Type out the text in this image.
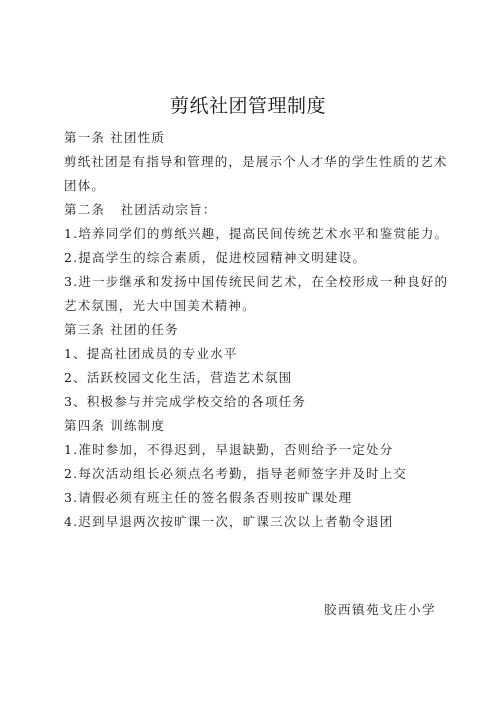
剪纸社团管理制度
第一条 社团性质
剪纸社团是有指导和管理的，是展示个人才华的学生性质的艺术
团体。
第二条   社团活动宗旨：
1.培养同学们的剪纸兴趣，提高民间传统艺术水平和鉴赏能力。
2.提高学生的综合素质，促进校园精神文明建设。
3.进一步继承和发扬中国传统民间艺术，在全校形成一种良好的
艺术氛围，光大中国美术精神。
第三条 社团的任务
1、提高社团成员的专业水平
2、活跃校园文化生活，营造艺术氛围
3、积极参与并完成学校交给的各项任务
第四条 训练制度
1.准时参加，不得迟到，早退缺勤，否则给予一定处分
2.每次活动组长必须点名考勤，指导老师签字并及时上交
3.请假必须有班主任的签名假条否则按旷课处理
4.迟到早退两次按旷课一次，旷课三次以上者勒令退团
胶西镇苑戈庄小学
